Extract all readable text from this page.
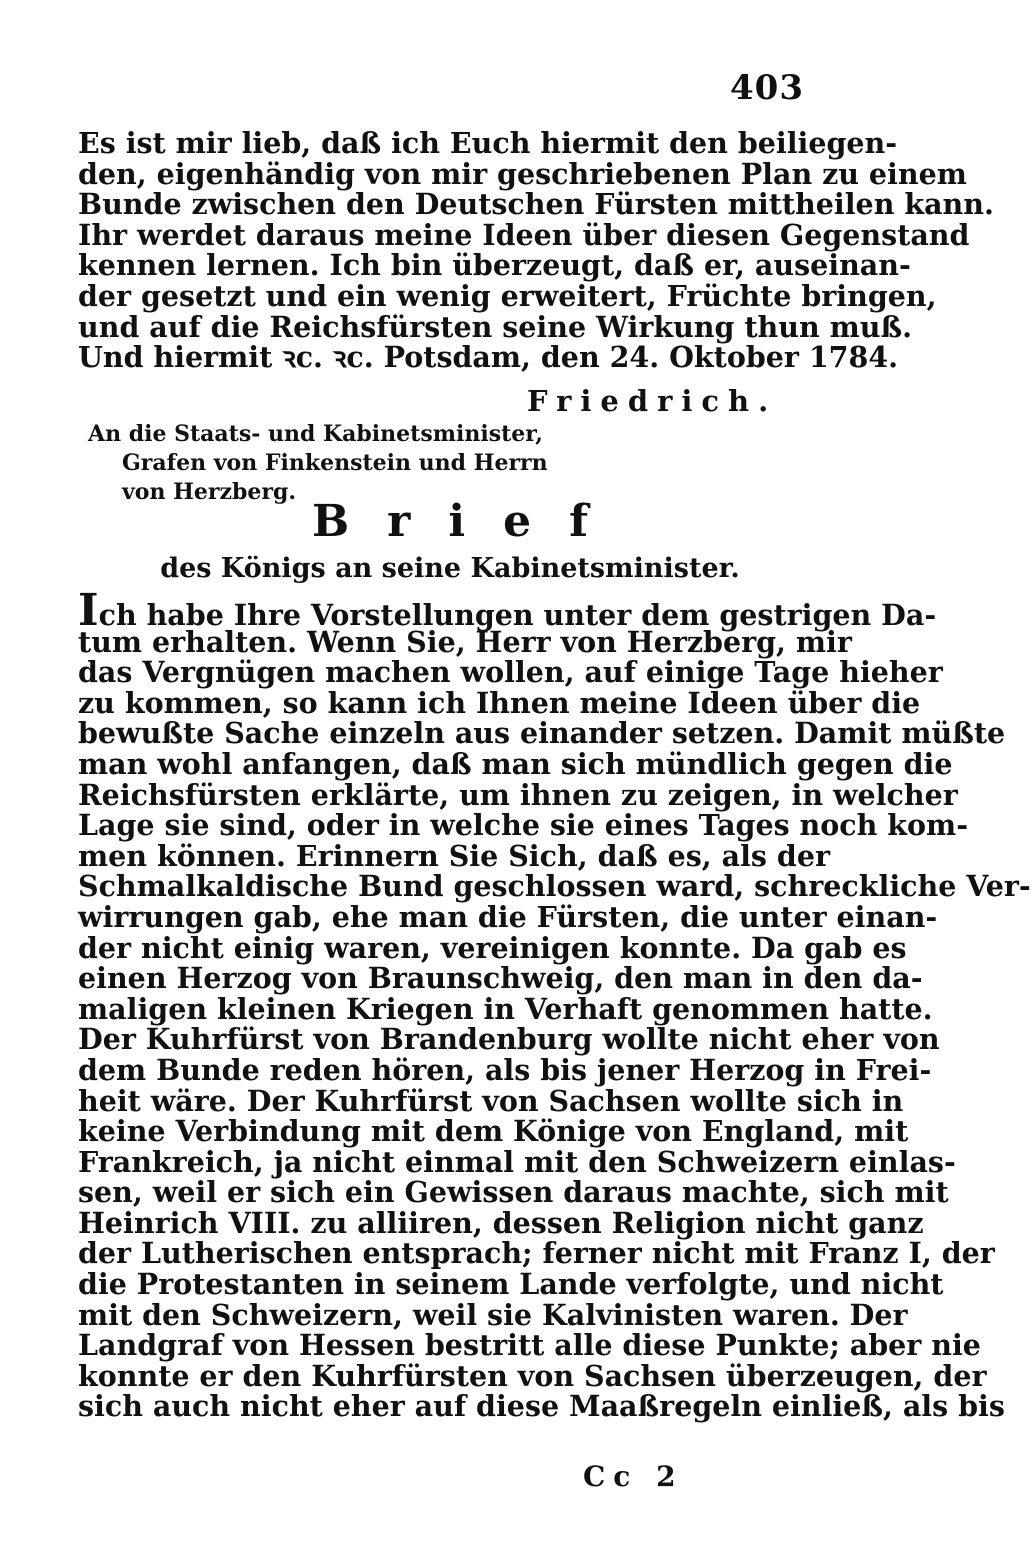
403
Es ist mir lieb, daß ich Euch hiermit den beiliegen-
den, eigenhändig von mir geschriebenen Plan zu einem
Bunde zwischen den Deutschen Fürsten mittheilen kann.
Ihr werdet daraus meine Ideen über diesen Gegenstand
kennen lernen. Ich bin überzeugt, daß er, auseinan-
der gesetzt und ein wenig erweitert, Früchte bringen,
und auf die Reichsfürsten seine Wirkung thun muß.
Und hiermit ꝛc. ꝛc. Potsdam, den 24. Oktober 1784.
Friedrich.
An die Staats- und Kabinetsminister,
Grafen von Finkenstein und Herrn
von Herzberg.
Brief
des Königs an seine Kabinetsminister.
Ich habe Ihre Vorstellungen unter dem gestrigen Da-
tum erhalten. Wenn Sie, Herr von Herzberg, mir
das Vergnügen machen wollen, auf einige Tage hieher
zu kommen, so kann ich Ihnen meine Ideen über die
bewußte Sache einzeln aus einander setzen. Damit müßte
man wohl anfangen, daß man sich mündlich gegen die
Reichsfürsten erklärte, um ihnen zu zeigen, in welcher
Lage sie sind, oder in welche sie eines Tages noch kom-
men können. Erinnern Sie Sich, daß es, als der
Schmalkaldische Bund geschlossen ward, schreckliche Ver-
wirrungen gab, ehe man die Fürsten, die unter einan-
der nicht einig waren, vereinigen konnte. Da gab es
einen Herzog von Braunschweig, den man in den da-
maligen kleinen Kriegen in Verhaft genommen hatte.
Der Kuhrfürst von Brandenburg wollte nicht eher von
dem Bunde reden hören, als bis jener Herzog in Frei-
heit wäre. Der Kuhrfürst von Sachsen wollte sich in
keine Verbindung mit dem Könige von England, mit
Frankreich, ja nicht einmal mit den Schweizern einlas-
sen, weil er sich ein Gewissen daraus machte, sich mit
Heinrich VIII. zu alliiren, dessen Religion nicht ganz
der Lutherischen entsprach; ferner nicht mit Franz I, der
die Protestanten in seinem Lande verfolgte, und nicht
mit den Schweizern, weil sie Kalvinisten waren. Der
Landgraf von Hessen bestritt alle diese Punkte; aber nie
konnte er den Kuhrfürsten von Sachsen überzeugen, der
sich auch nicht eher auf diese Maaßregeln einließ, als bis
Cc 2
